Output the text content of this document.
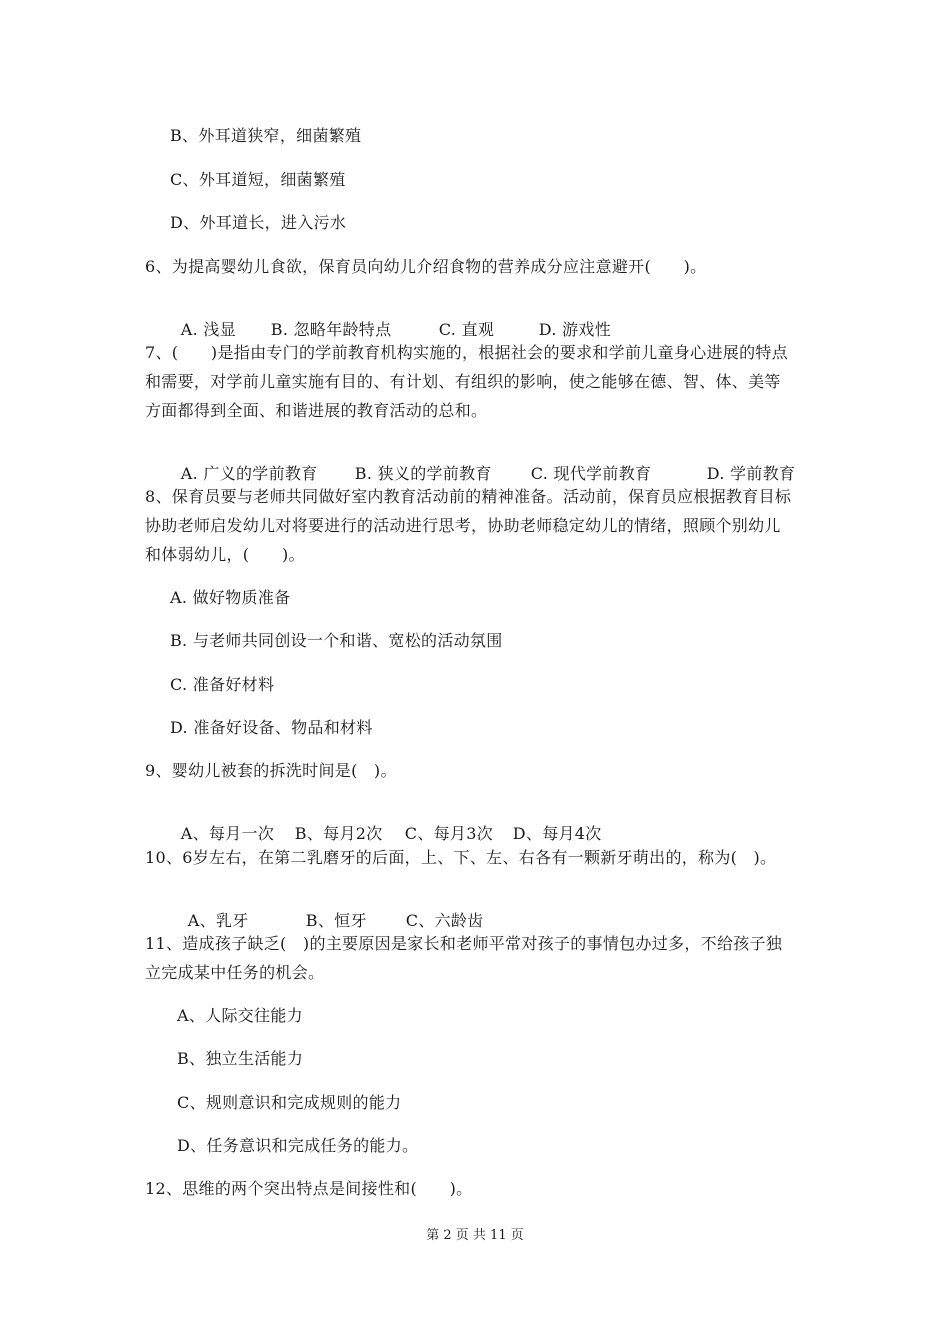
B、外耳道狭窄，细菌繁殖
C、外耳道短，细菌繁殖
D、外耳道长，进入污水
6、为提高婴幼儿食欲，保育员向幼儿介绍食物的营养成分应注意避开(　　)。

A. 浅显 B. 忽略年龄特点	C. 直观	D. 游戏性

7、(　　)是指由专门的学前教育机构实施的，根据社会的要求和学前儿童身心进展的特点
和需要，对学前儿童实施有目的、有计划、有组织的影响，使之能够在德、智、体、美等
方面都得到全面、和谐进展的教育活动的总和。

A. 广义的学前教育 B. 狭义的学前教育 C. 现代学前教育	D. 学前教育

8、保育员要与老师共同做好室内教育活动前的精神准备。活动前，保育员应根据教育目标
协助老师启发幼儿对将要进行的活动进行思考，协助老师稳定幼儿的情绪，照顾个别幼儿
和体弱幼儿，(　　)。
A. 做好物质准备
B. 与老师共同创设一个和谐、宽松的活动氛围
C. 准备好材料
D. 准备好设备、物品和材料
9、婴幼儿被套的拆洗时间是(　)。

A、每月一次 B、每月2次 C、每月3次 D、每月4次

10、6岁左右，在第二乳磨牙的后面，上、下、左、右各有一颗新牙萌出的，称为(　)。

A、乳牙	B、恒牙 C、六龄齿

11、造成孩子缺乏(　)的主要原因是家长和老师平常对孩子的事情包办过多，不给孩子独
立完成某中任务的机会。
A、人际交往能力
B、独立生活能力
C、规则意识和完成规则的能力
D、任务意识和完成任务的能力。
12、思维的两个突出特点是间接性和(　　)。
第 2 页 共 11 页
